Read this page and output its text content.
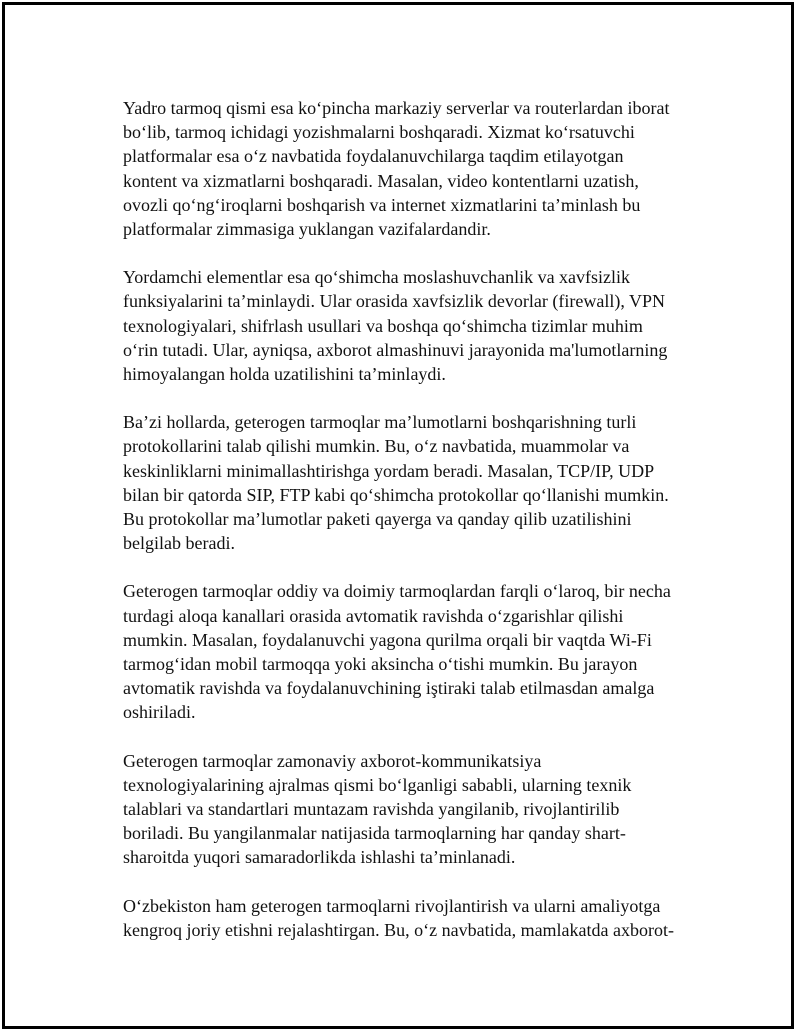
Yadro tarmoq qismi esa ko‘pincha markaziy serverlar va routerlardan iborat
bo‘lib, tarmoq ichidagi yozishmalarni boshqaradi. Xizmat ko‘rsatuvchi
platformalar esa o‘z navbatida foydalanuvchilarga taqdim etilayotgan
kontent va xizmatlarni boshqaradi. Masalan, video kontentlarni uzatish,
ovozli qo‘ng‘iroqlarni boshqarish va internet xizmatlarini ta’minlash bu
platformalar zimmasiga yuklangan vazifalardandir.

Yordamchi elementlar esa qo‘shimcha moslashuvchanlik va xavfsizlik
funksiyalarini ta’minlaydi. Ular orasida xavfsizlik devorlar (firewall), VPN
texnologiyalari, shifrlash usullari va boshqa qo‘shimcha tizimlar muhim
o‘rin tutadi. Ular, ayniqsa, axborot almashinuvi jarayonida ma'lumotlarning
himoyalangan holda uzatilishini ta’minlaydi.

Ba’zi hollarda, geterogen tarmoqlar ma’lumotlarni boshqarishning turli
protokollarini talab qilishi mumkin. Bu, o‘z navbatida, muammolar va
keskinliklarni minimallashtirishga yordam beradi. Masalan, TCP/IP, UDP
bilan bir qatorda SIP, FTP kabi qo‘shimcha protokollar qo‘llanishi mumkin.
Bu protokollar ma’lumotlar paketi qayerga va qanday qilib uzatilishini
belgilab beradi.

Geterogen tarmoqlar oddiy va doimiy tarmoqlardan farqli o‘laroq, bir necha
turdagi aloqa kanallari orasida avtomatik ravishda o‘zgarishlar qilishi
mumkin. Masalan, foydalanuvchi yagona qurilma orqali bir vaqtda Wi-Fi
tarmog‘idan mobil tarmoqqa yoki aksincha o‘tishi mumkin. Bu jarayon
avtomatik ravishda va foydalanuvchining iştiraki talab etilmasdan amalga
oshiriladi.

Geterogen tarmoqlar zamonaviy axborot-kommunikatsiya
texnologiyalarining ajralmas qismi bo‘lganligi sababli, ularning texnik
talablari va standartlari muntazam ravishda yangilanib, rivojlantirilib
boriladi. Bu yangilanmalar natijasida tarmoqlarning har qanday shart-
sharoitda yuqori samaradorlikda ishlashi ta’minlanadi.

O‘zbekiston ham geterogen tarmoqlarni rivojlantirish va ularni amaliyotga
kengroq joriy etishni rejalashtirgan. Bu, o‘z navbatida, mamlakatda axborot-
